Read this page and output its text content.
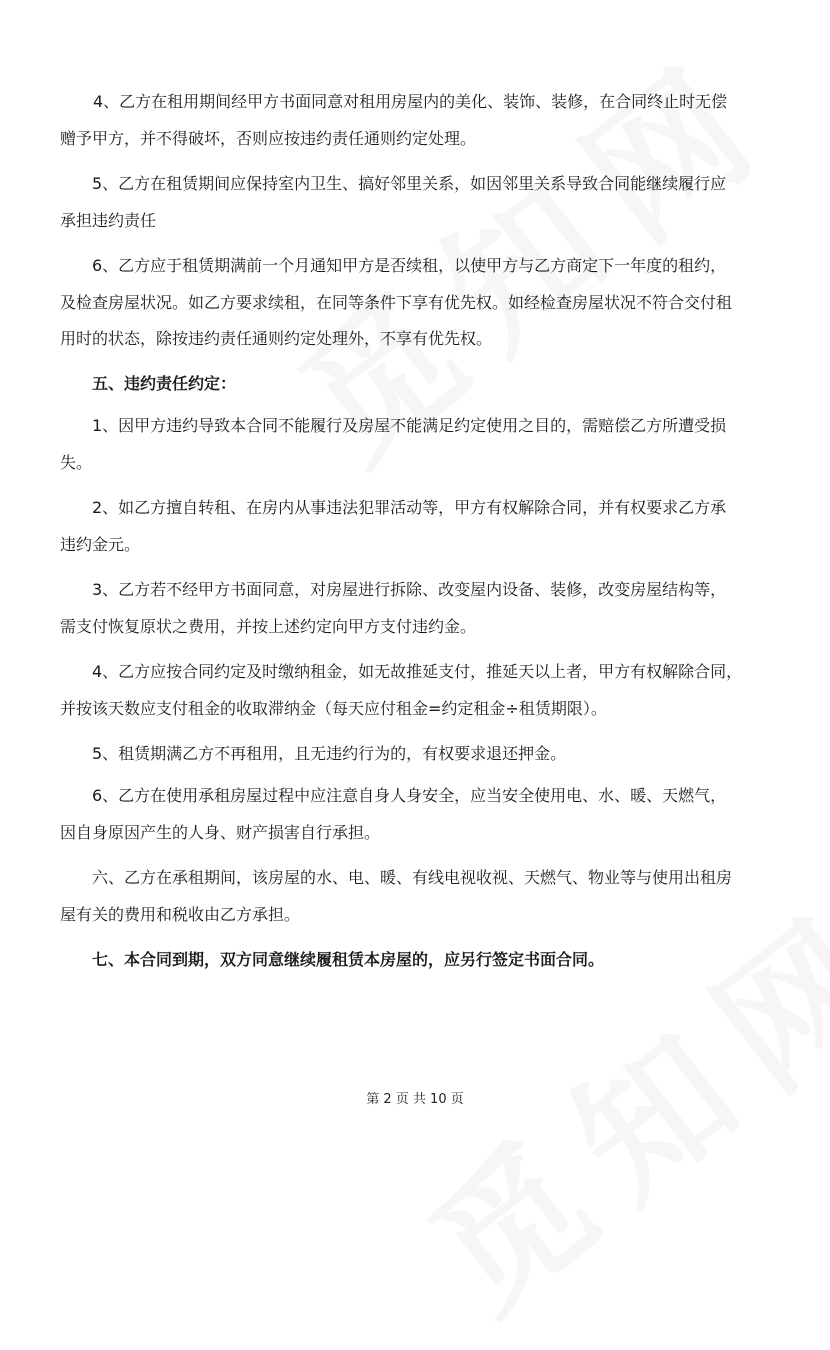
4、乙方在租用期间经甲方书面同意对租用房屋内的美化、装饰、装修，在合同终止时无偿
赠予甲方，并不得破坏，否则应按违约责任通则约定处理。
5、乙方在租赁期间应保持室内卫生、搞好邻里关系，如因邻里关系导致合同能继续履行应
承担违约责任
6、乙方应于租赁期满前一个月通知甲方是否续租，以使甲方与乙方商定下一年度的租约，
及检查房屋状况。如乙方要求续租，在同等条件下享有优先权。如经检查房屋状况不符合交付租
用时的状态，除按违约责任通则约定处理外，不享有优先权。
五、违约责任约定：
1、因甲方违约导致本合同不能履行及房屋不能满足约定使用之目的，需赔偿乙方所遭受损
失。
2、如乙方擅自转租、在房内从事违法犯罪活动等，甲方有权解除合同，并有权要求乙方承
违约金元。
3、乙方若不经甲方书面同意，对房屋进行拆除、改变屋内设备、装修，改变房屋结构等，
需支付恢复原状之费用，并按上述约定向甲方支付违约金。
4、乙方应按合同约定及时缴纳租金，如无故推延支付，推延天以上者，甲方有权解除合同，
并按该天数应支付租金的收取滞纳金（每天应付租金=约定租金÷租赁期限）。
5、租赁期满乙方不再租用，且无违约行为的，有权要求退还押金。
6、乙方在使用承租房屋过程中应注意自身人身安全，应当安全使用电、水、暖、天燃气，
因自身原因产生的人身、财产损害自行承担。
六、乙方在承租期间，该房屋的水、电、暖、有线电视收视、天燃气、物业等与使用出租房
屋有关的费用和税收由乙方承担。
七、本合同到期，双方同意继续履租赁本房屋的，应另行签定书面合同。
第 2 页 共 10 页
